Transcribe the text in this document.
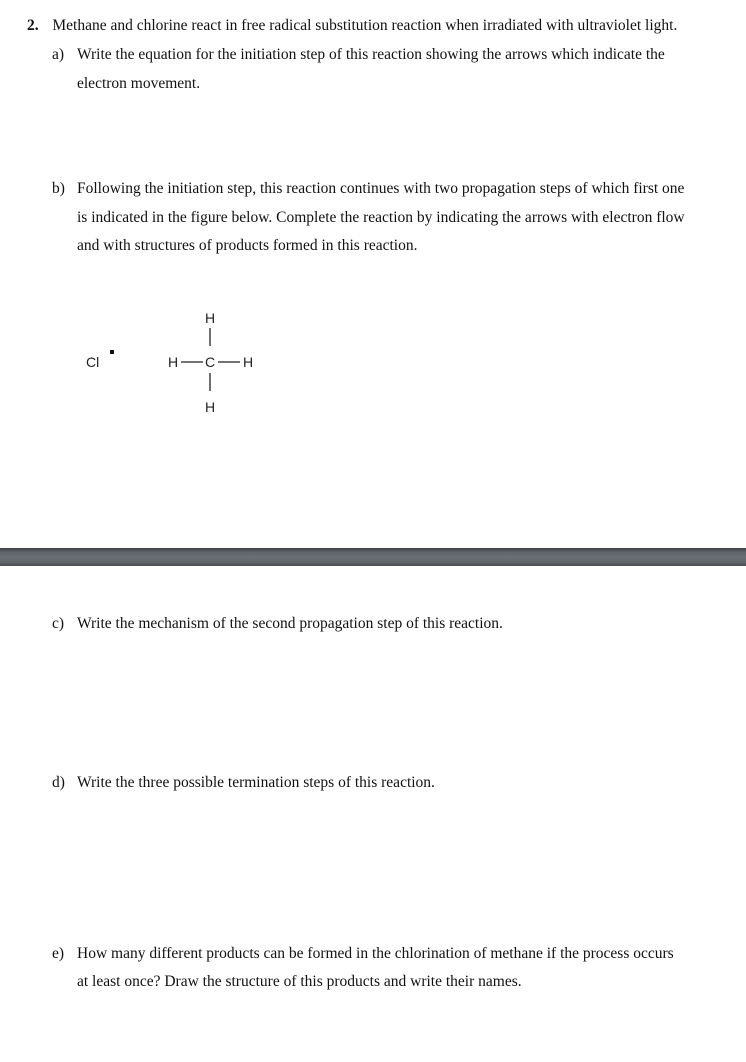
2. Methane and chlorine react in free radical substitution reaction when irradiated with ultraviolet light.
a) Write the equation for the initiation step of this reaction showing the arrows which indicate the
electron movement.
b) Following the initiation step, this reaction continues with two propagation steps of which first one
is indicated in the figure below. Complete the reaction by indicating the arrows with electron flow
and with structures of products formed in this reaction.
Cl
H
H C H
H
c) Write the mechanism of the second propagation step of this reaction.
d) Write the three possible termination steps of this reaction.
e) How many different products can be formed in the chlorination of methane if the process occurs
at least once? Draw the structure of this products and write their names.
